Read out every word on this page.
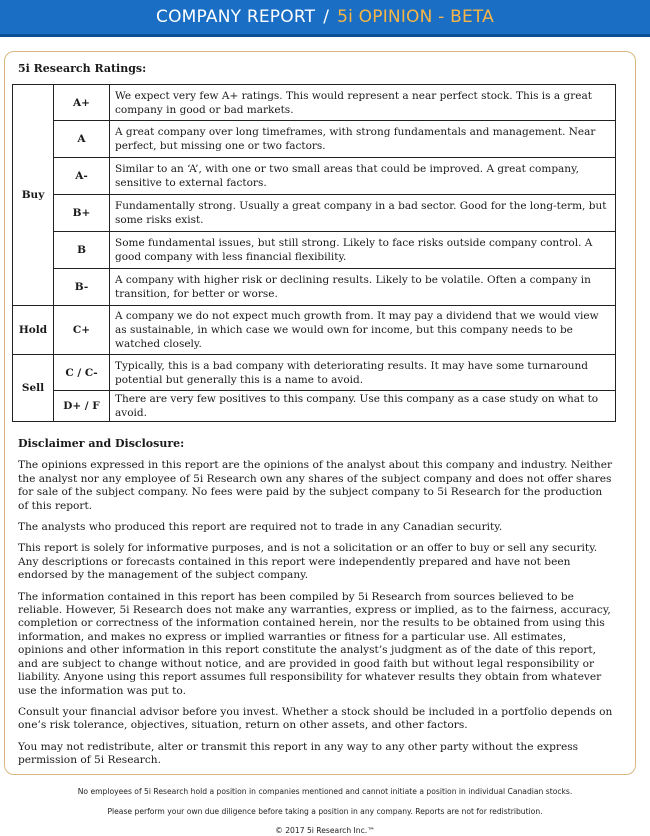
COMPANY REPORT / 5i OPINION - BETA
5i Research Ratings:
Buy	A+	We expect very few A+ ratings. This would represent a near perfect stock. This is a great company in good or bad markets.
	A	A great company over long timeframes, with strong fundamentals and management. Near perfect, but missing one or two factors.
	A-	Similar to an ‘A’, with one or two small areas that could be improved. A great company, sensitive to external factors.
	B+	Fundamentally strong. Usually a great company in a bad sector. Good for the long-term, but some risks exist.
	B	Some fundamental issues, but still strong. Likely to face risks outside company control. A good company with less financial flexibility.
	B-	A company with higher risk or declining results. Likely to be volatile. Often a company in transition, for better or worse.
Hold	C+	A company we do not expect much growth from. It may pay a dividend that we would view as sustainable, in which case we would own for income, but this company needs to be watched closely.
Sell	C / C-	Typically, this is a bad company with deteriorating results. It may have some turnaround potential but generally this is a name to avoid.
	D+ / F	There are very few positives to this company. Use this company as a case study on what to avoid.
Disclaimer and Disclosure:

The opinions expressed in this report are the opinions of the analyst about this company and industry. Neither the analyst nor any employee of 5i Research own any shares of the subject company and does not offer shares for sale of the subject company. No fees were paid by the subject company to 5i Research for the production of this report.

The analysts who produced this report are required not to trade in any Canadian security.

This report is solely for informative purposes, and is not a solicitation or an offer to buy or sell any security. Any descriptions or forecasts contained in this report were independently prepared and have not been endorsed by the management of the subject company.

The information contained in this report has been compiled by 5i Research from sources believed to be reliable. However, 5i Research does not make any warranties, express or implied, as to the fairness, accuracy, completion or correctness of the information contained herein, nor the results to be obtained from using this information, and makes no express or implied warranties or fitness for a particular use. All estimates, opinions and other information in this report constitute the analyst’s judgment as of the date of this report, and are subject to change without notice, and are provided in good faith but without legal responsibility or liability. Anyone using this report assumes full responsibility for whatever results they obtain from whatever use the information was put to.

Consult your financial advisor before you invest. Whether a stock should be included in a portfolio depends on one’s risk tolerance, objectives, situation, return on other assets, and other factors.

You may not redistribute, alter or transmit this report in any way to any other party without the express permission of 5i Research.

No employees of 5i Research hold a position in companies mentioned and cannot initiate a position in individual Canadian stocks.
Please perform your own due diligence before taking a position in any company. Reports are not for redistribution.
© 2017 5i Research Inc.™
